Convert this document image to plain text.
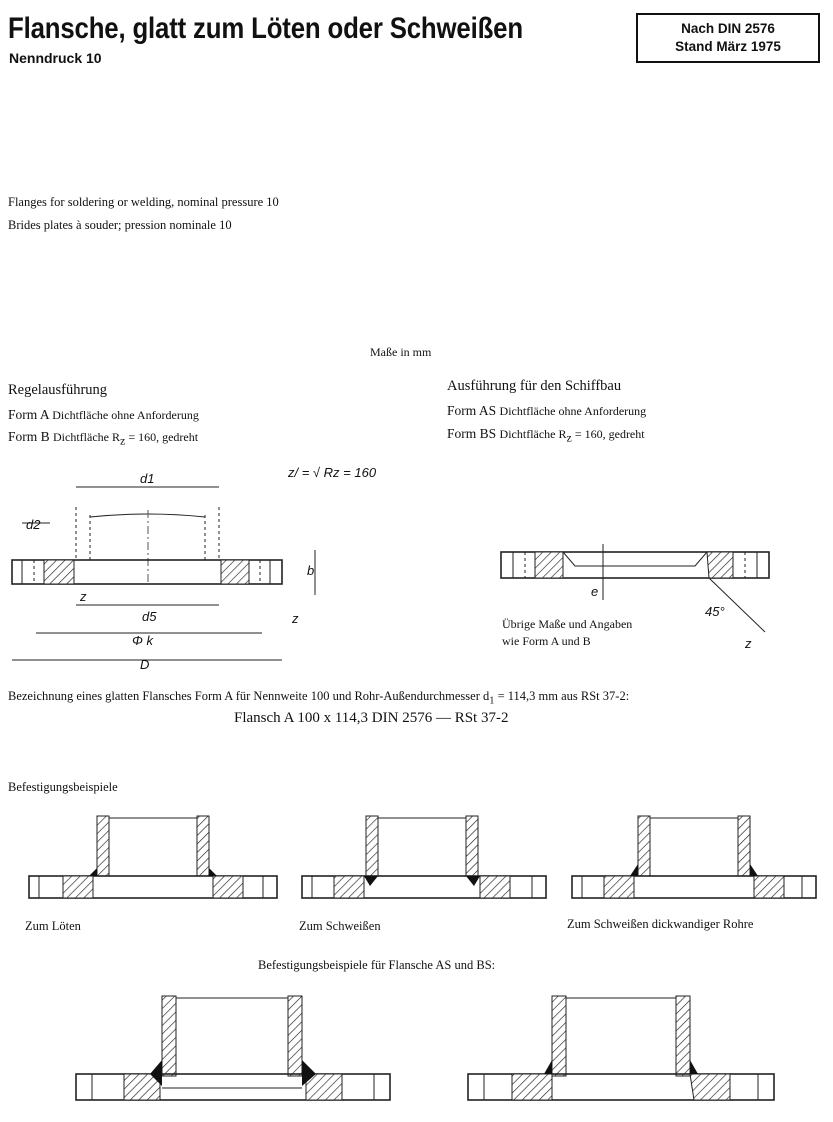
Flansche, glatt zum Löten oder Schweißen
Nenndruck 10
Nach DIN 2576
Stand März 1975
Flanges for soldering or welding, nominal pressure 10
Brides plates à souder; pression nominale 10
Maße in mm
Regelausführung
Form A Dichtfläche ohne Anforderung
Form B Dichtfläche $R_z = 160$, gedreht
Ausführung für den Schiffbau
Form AS Dichtfläche ohne Anforderung
Form BS Dichtfläche $R_z = 160$, gedreht
z/ = √ Rz = 160
d1
d2
b
z
z
d5
Φ k
D
e
45°
z
Übrige Maße und Angaben
wie Form A und B
Bezeichnung eines glatten Flansches Form A für Nennweite 100 und Rohr-Außendurchmesser $d_1 = 114,3$ mm aus RSt 37-2:
Flansch A 100 x 114,3 DIN 2576 — RSt 37-2
Befestigungsbeispiele
Zum Löten	Zum Schweißen	Zum Schweißen dickwandiger Rohre
Befestigungsbeispiele für Flansche AS und BS:
